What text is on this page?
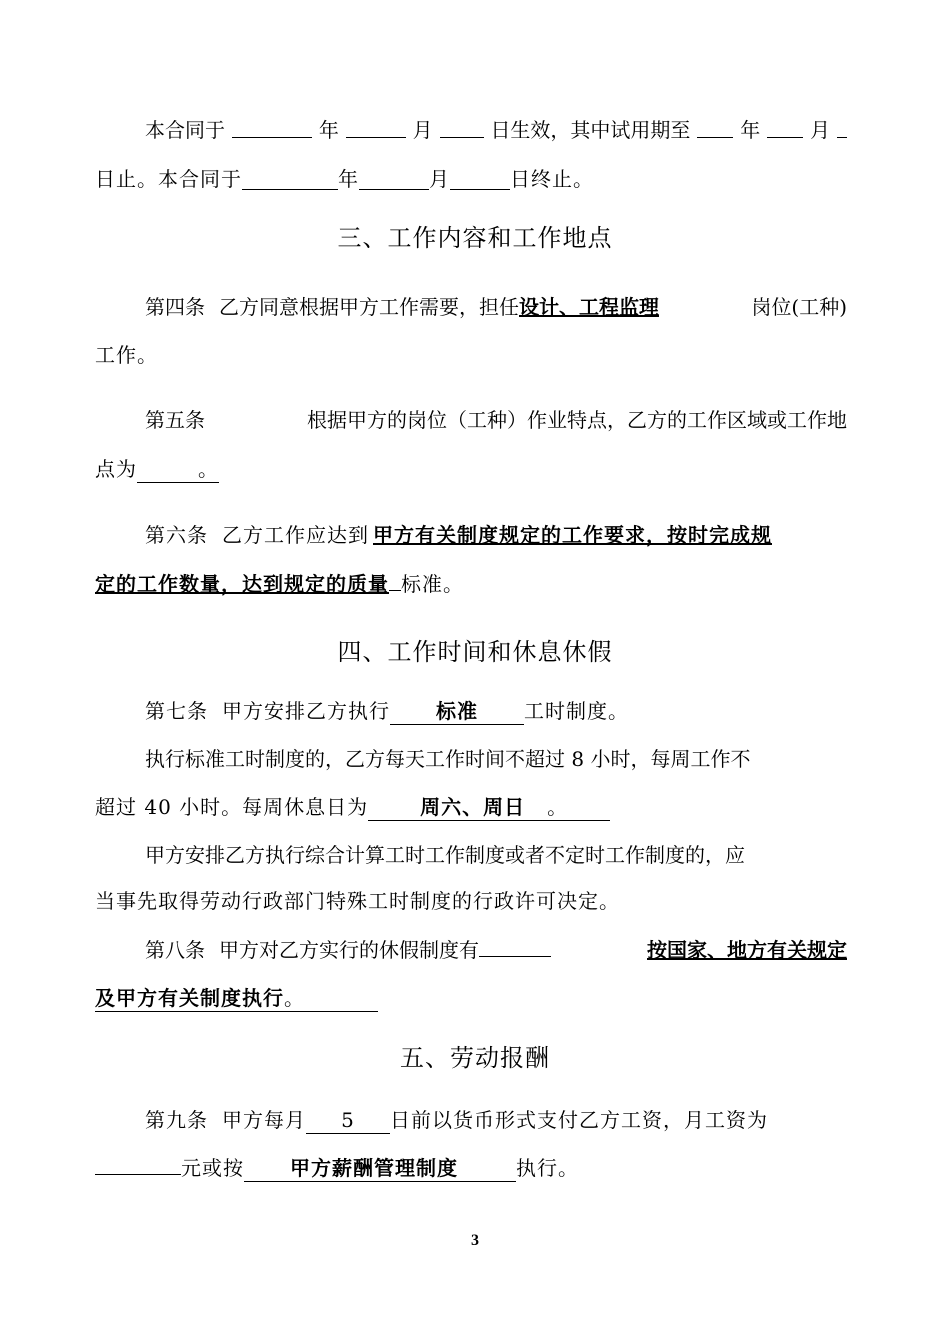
本合同于	年	月	日生效，其中试用期至 年 月
日止。本合同于	年	月	日终止。
三、工作内容和工作地点
第四条 乙方同意根据甲方工作需要，担任设计、工程监理	岗位(工种)
工作。
第五条	根据甲方的岗位（工种）作业特点，乙方的工作区域或工作地
点为	。
第六条 乙方工作应达到 甲方有关制度规定的工作要求，按时完成规
定的工作数量，达到规定的质量 标准。
四、工作时间和休息休假
第七条 甲方安排乙方执行 标准 工时制度。
执行标准工时制度的，乙方每天工作时间不超过 8 小时，每周工作不
超过 40 小时。每周休息日为	周六、周日 。
甲方安排乙方执行综合计算工时工作制度或者不定时工作制度的，应
当事先取得劳动行政部门特殊工时制度的行政许可决定。
第八条 甲方对乙方实行的休假制度有	按国家、地方有关规定
及甲方有关制度执行。
五、劳动报酬
第九条 甲方每月 5 日前以货币形式支付乙方工资，月工资为
元或按 甲方薪酬管理制度	执行。
3
